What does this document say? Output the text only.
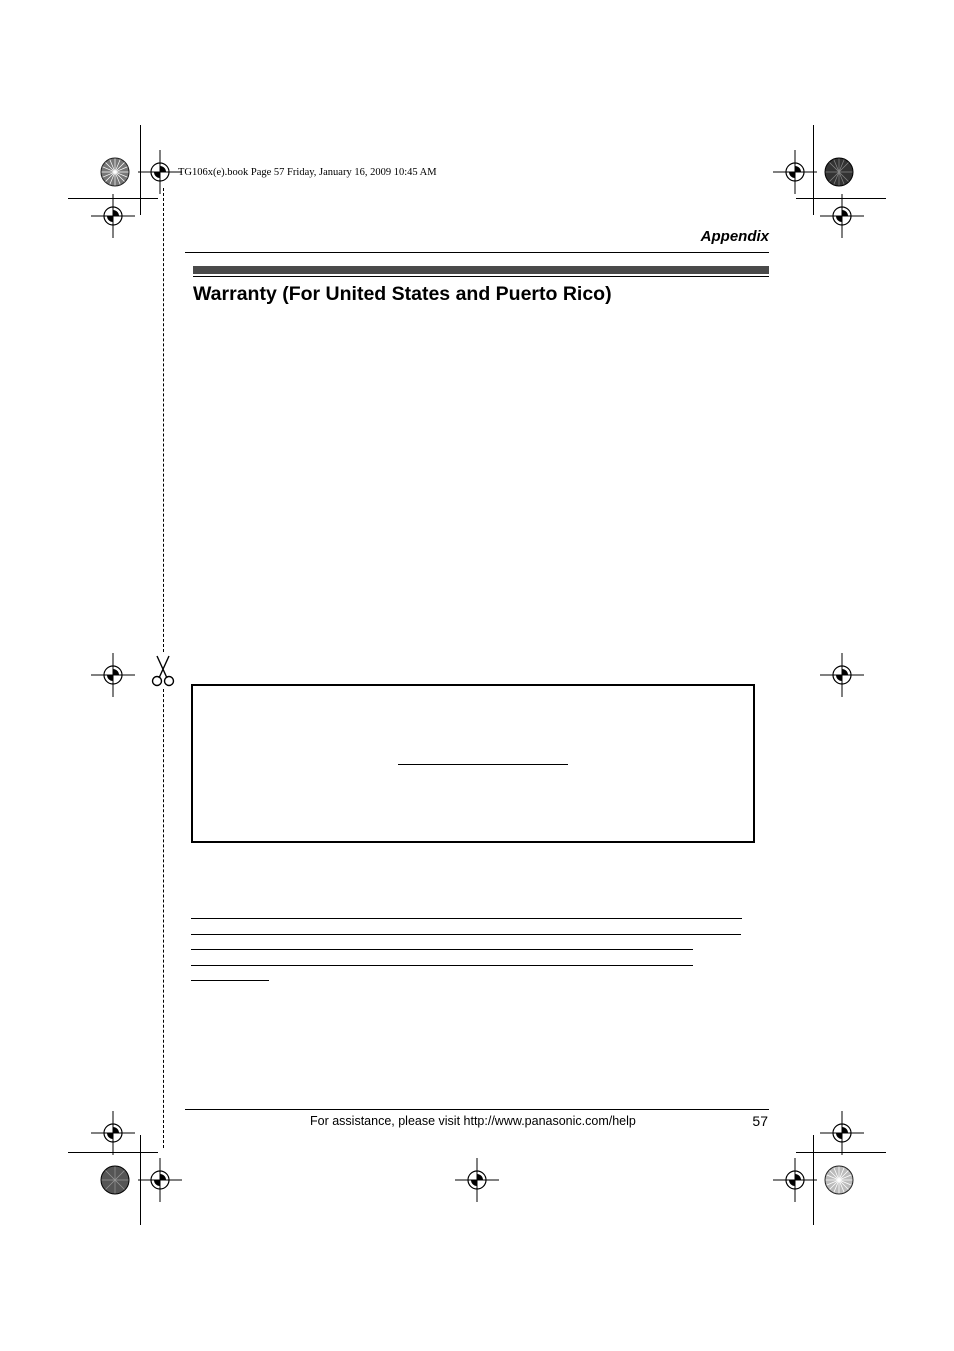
TG106x(e).book Page 57 Friday, January 16, 2009 10:45 AM
Appendix
Warranty (For United States and Puerto Rico)
For assistance, please visit http://www.panasonic.com/help	57
